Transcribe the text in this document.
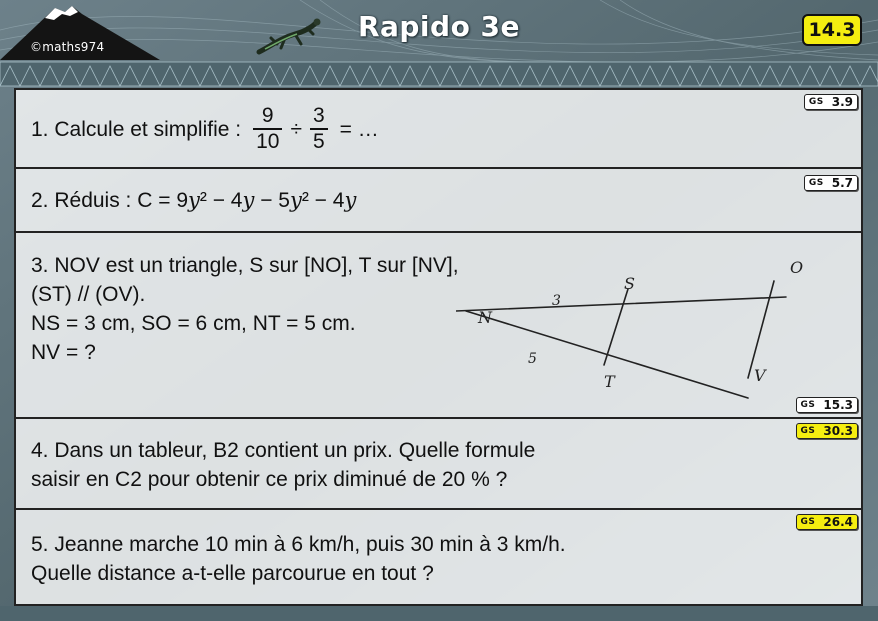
©maths974
Rapido 3e	14.3
GS 3.9
1. Calcule et simplifie : $\frac{9}{10} \div \frac{3}{5}$ = …
GS 5.7
2. Réduis : C = 9y² − 4y − 5y² − 4y
3. NOV est un triangle, S sur [NO], T sur [NV],
(ST) // (OV).
NS = 3 cm, SO = 6 cm, NT = 5 cm.
NV = ?
N
S
O
T	V
3
5
GS 15.3
GS 30.3
4. Dans un tableur, B2 contient un prix. Quelle formule
saisir en C2 pour obtenir ce prix diminué de 20 % ?
GS 26.4
5. Jeanne marche 10 min à 6 km/h, puis 30 min à 3 km/h.
Quelle distance a-t-elle parcourue en tout ?
